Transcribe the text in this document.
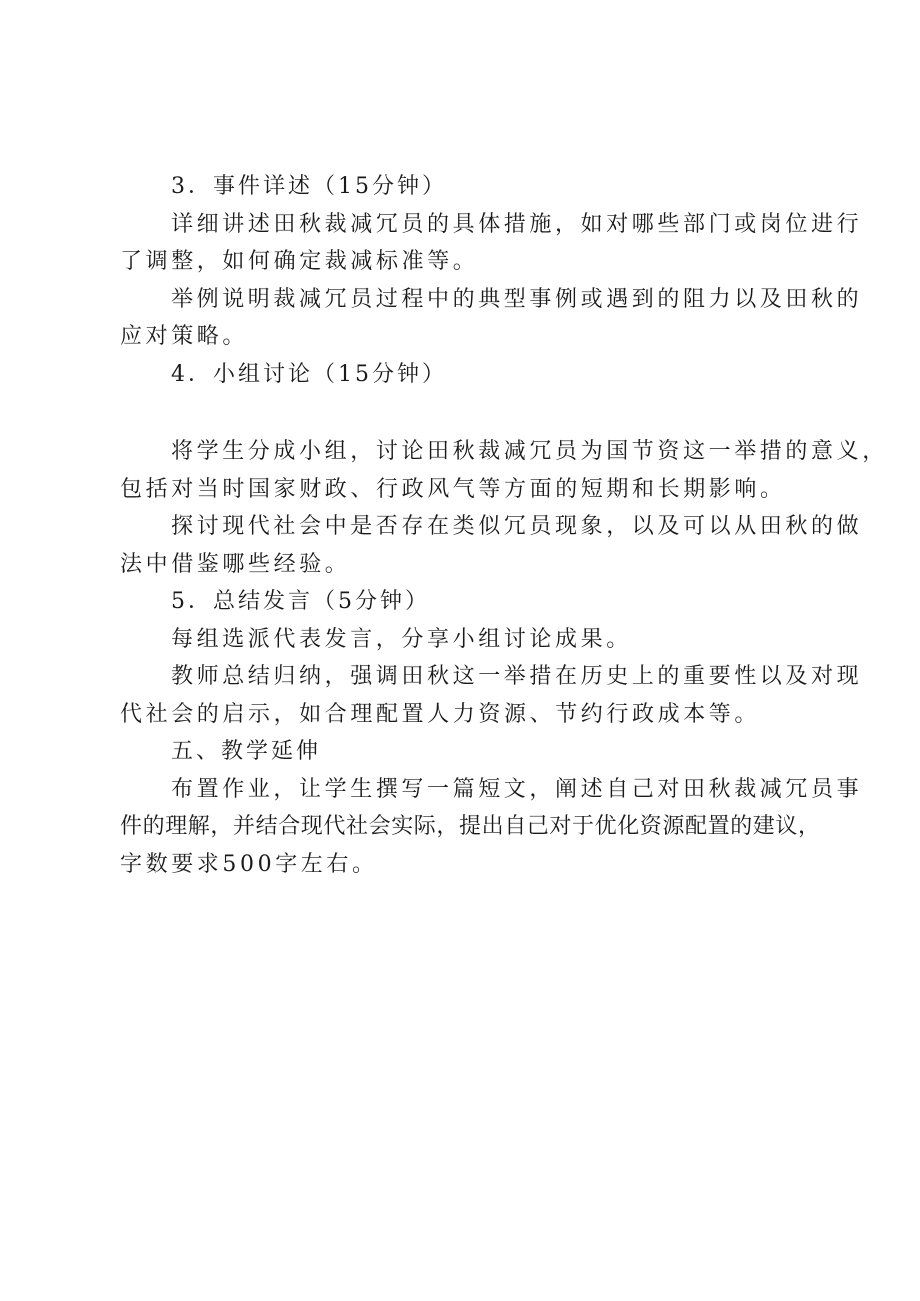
3．事件详述（15分钟）

详细讲述田秋裁减冗员的具体措施，如对哪些部门或岗位进行

了调整，如何确定裁减标准等。

举例说明裁减冗员过程中的典型事例或遇到的阻力以及田秋的

应对策略。

4．小组讨论（15分钟）

将学生分成小组，讨论田秋裁减冗员为国节资这一举措的意义，

包括对当时国家财政、行政风气等方面的短期和长期影响。

探讨现代社会中是否存在类似冗员现象，以及可以从田秋的做

法中借鉴哪些经验。

5．总结发言（5分钟）

每组选派代表发言，分享小组讨论成果。

教师总结归纳，强调田秋这一举措在历史上的重要性以及对现

代社会的启示，如合理配置人力资源、节约行政成本等。

五、教学延伸

布置作业，让学生撰写一篇短文，阐述自己对田秋裁减冗员事

件的理解，并结合现代社会实际，提出自己对于优化资源配置的建议，

字数要求500字左右。
